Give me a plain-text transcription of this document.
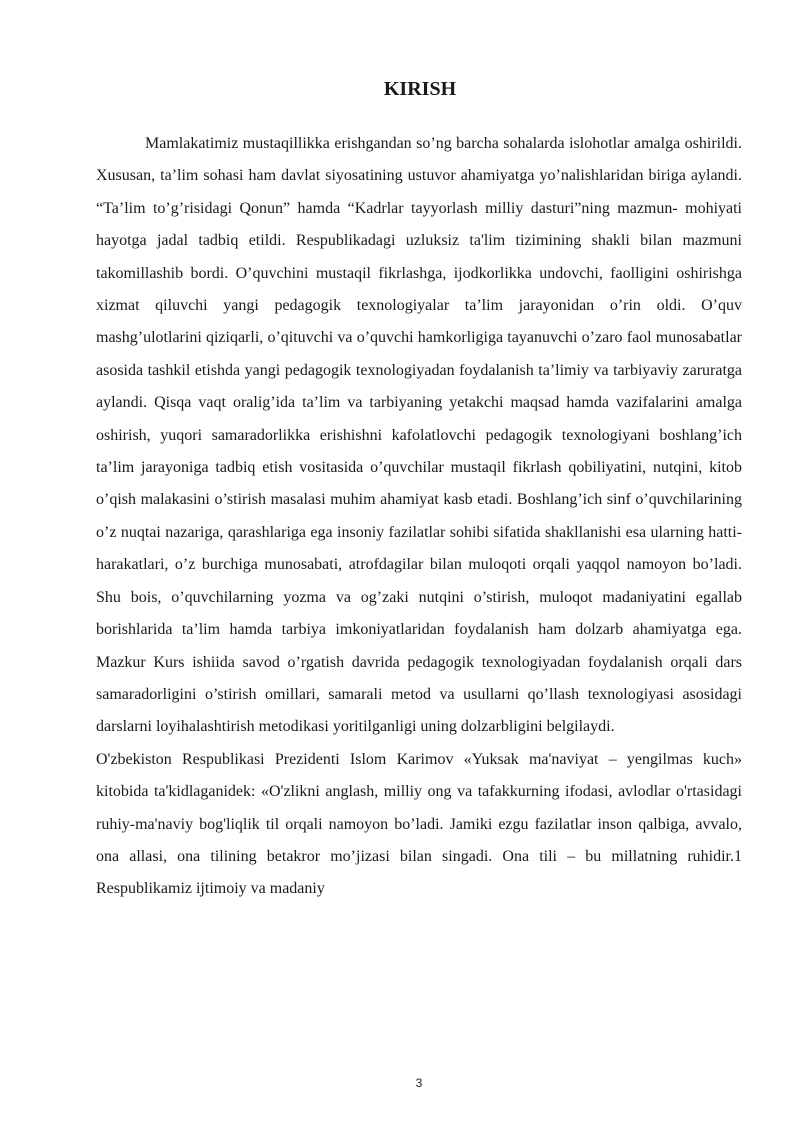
KIRISH

Mamlakatimiz mustaqillikka erishgandan so’ng barcha sohalarda islohotlar amalga oshirildi. Xususan, ta’lim sohasi ham davlat siyosatining ustuvor ahamiyatga yo’nalishlaridan biriga aylandi. “Ta’lim to’g’risidagi Qonun” hamda “Kadrlar tayyorlash milliy dasturi”ning mazmun- mohiyati hayotga jadal tadbiq etildi. Respublikadagi uzluksiz ta'lim tizimining shakli bilan mazmuni takomillashib bordi. O’quvchini mustaqil fikrlashga, ijodkorlikka undovchi, faolligini oshirishga xizmat qiluvchi yangi pedagogik texnologiyalar ta’lim jarayonidan o’rin oldi. O’quv mashg’ulotlarini qiziqarli, o’qituvchi va o’quvchi hamkorligiga tayanuvchi o’zaro faol munosabatlar asosida tashkil etishda yangi pedagogik texnologiyadan foydalanish ta’limiy va tarbiyaviy zaruratga aylandi. Qisqa vaqt oralig’ida ta’lim va tarbiyaning yetakchi maqsad hamda vazifalarini amalga oshirish, yuqori samaradorlikka erishishni kafolatlovchi pedagogik texnologiyani boshlang’ich ta’lim jarayoniga tadbiq etish vositasida o’quvchilar mustaqil fikrlash qobiliyatini, nutqini, kitob o’qish malakasini o’stirish masalasi muhim ahamiyat kasb etadi. Boshlang’ich sinf o’quvchilarining o’z nuqtai nazariga, qarashlariga ega insoniy fazilatlar sohibi sifatida shakllanishi esa ularning hatti-harakatlari, o’z burchiga munosabati, atrofdagilar bilan muloqoti orqali yaqqol namoyon bo’ladi. Shu bois, o’quvchilarning yozma va og’zaki nutqini o’stirish, muloqot madaniyatini egallab borishlarida ta’lim hamda tarbiya imkoniyatlaridan foydalanish ham dolzarb ahamiyatga ega. Mazkur Kurs ishiida savod o’rgatish davrida pedagogik texnologiyadan foydalanish orqali dars samaradorligini o’stirish omillari, samarali metod va usullarni qo’llash texnologiyasi asosidagi darslarni loyihalashtirish metodikasi yoritilganligi uning dolzarbligini belgilaydi.

O'zbekiston Respublikasi Prezidenti Islom Karimov «Yuksak ma'naviyat – yengilmas kuch» kitobida ta'kidlaganidek: «O'zlikni anglash, milliy ong va tafakkurning ifodasi, avlodlar o'rtasidagi ruhiy-ma'naviy bog'liqlik til orqali namoyon bo’ladi. Jamiki ezgu fazilatlar inson qalbiga, avvalo, ona allasi, ona tilining betakror mo’jizasi bilan singadi. Ona tili – bu millatning ruhidir.1 Respublikamiz ijtimoiy va madaniy

3
